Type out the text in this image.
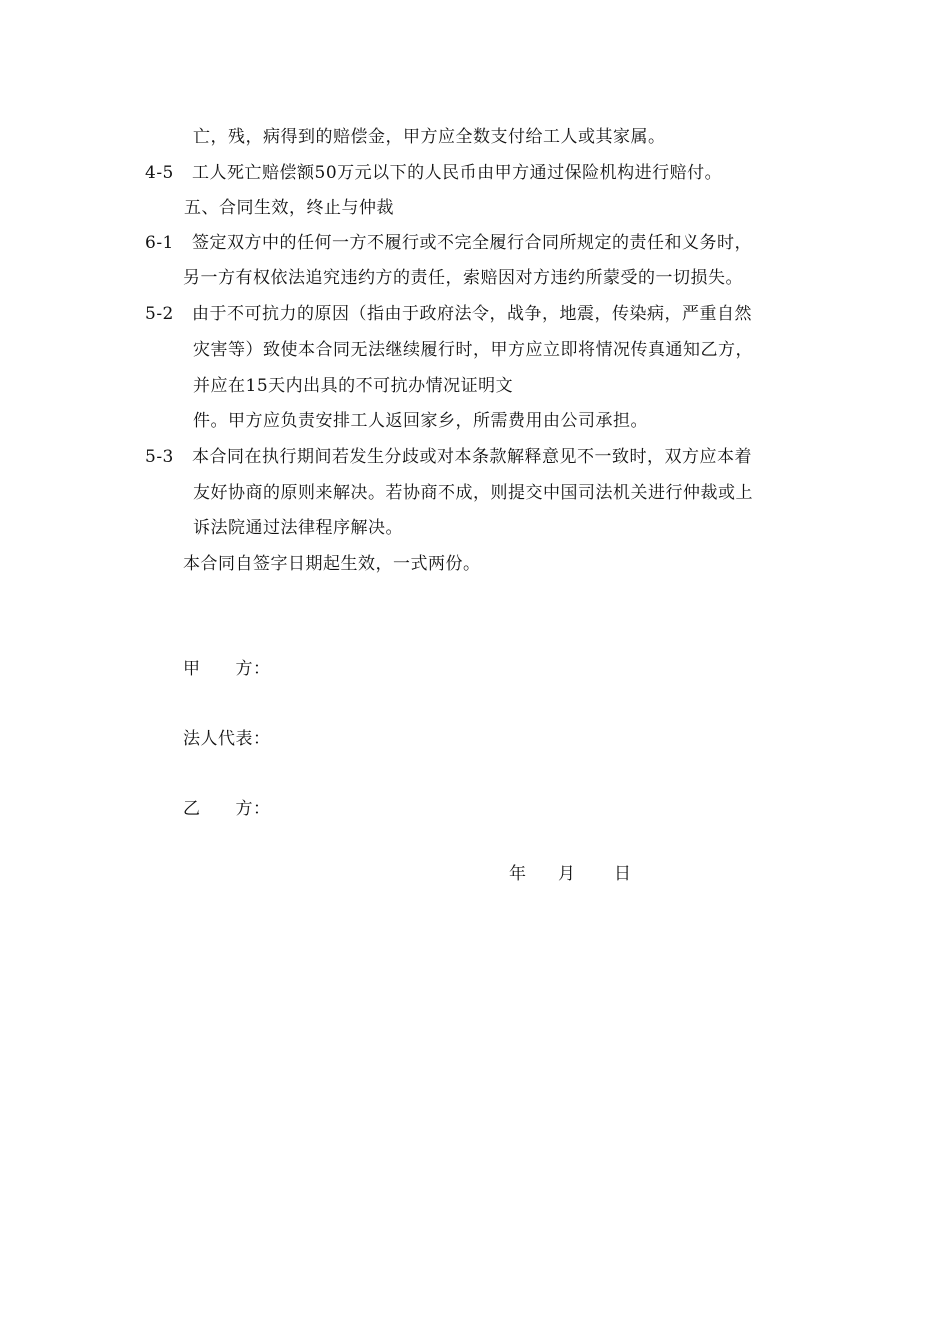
亡，残，病得到的赔偿金，甲方应全数支付给工人或其家属。
4-5 工人死亡赔偿额50万元以下的人民币由甲方通过保险机构进行赔付。
五、合同生效，终止与仲裁
6-1 签定双方中的任何一方不履行或不完全履行合同所规定的责任和义务时，
另一方有权依法追究违约方的责任，索赔因对方违约所蒙受的一切损失。
5-2 由于不可抗力的原因（指由于政府法令，战争，地震，传染病，严重自然
灾害等）致使本合同无法继续履行时，甲方应立即将情况传真通知乙方，
并应在15天内出具的不可抗办情况证明文
件。甲方应负责安排工人返回家乡，所需费用由公司承担。
5-3 本合同在执行期间若发生分歧或对本条款解释意见不一致时，双方应本着
友好协商的原则来解决。若协商不成，则提交中国司法机关进行仲裁或上
诉法院通过法律程序解决。
本合同自签字日期起生效，一式两份。
甲　　方：
法人代表：
乙　　方：
年 月 日
